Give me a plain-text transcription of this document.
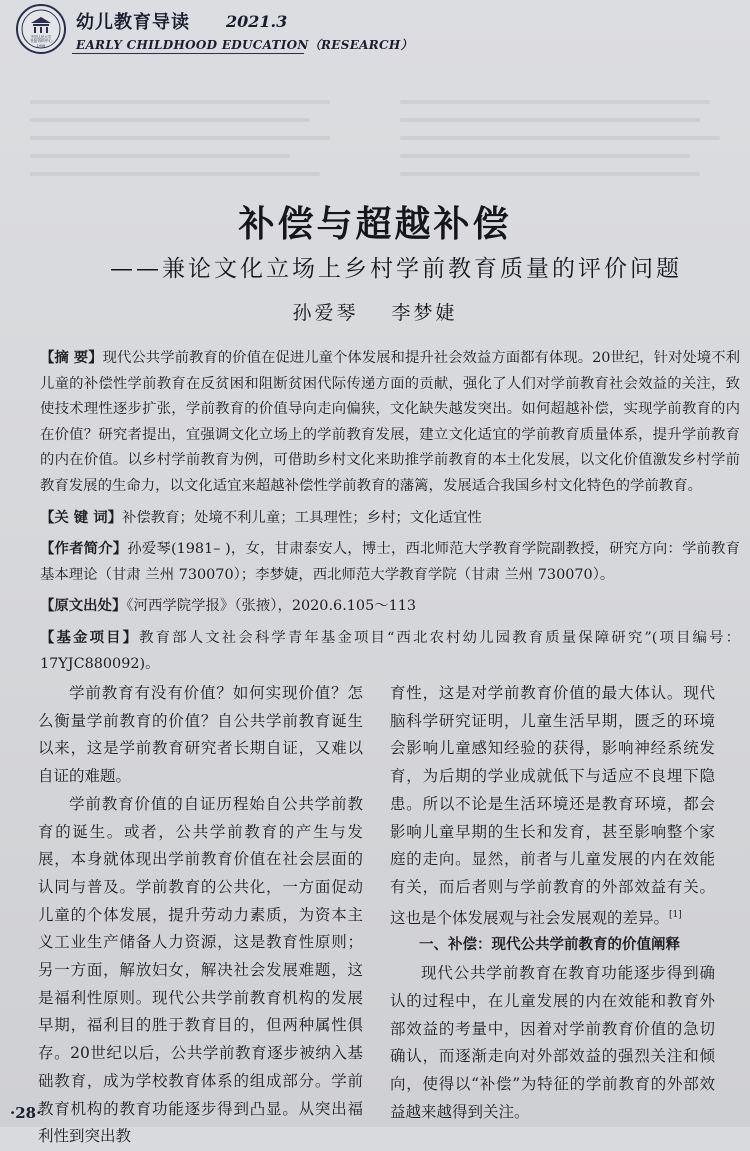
中国人民大学
书报资料中心
1958
幼儿教育导读 2021.3
EARLY CHILDHOOD EDUCATION（RESEARCH）
补偿与超越补偿
——兼论文化立场上乡村学前教育质量的评价问题
孙爱琴 李梦婕

【摘 要】现代公共学前教育的价值在促进儿童个体发展和提升社会效益方面都有体现。20世纪，针对处境不利儿童的补偿性学前教育在反贫困和阻断贫困代际传递方面的贡献，强化了人们对学前教育社会效益的关注，致使技术理性逐步扩张，学前教育的价值导向走向偏狭，文化缺失越发突出。如何超越补偿，实现学前教育的内在价值？研究者提出，宜强调文化立场上的学前教育发展，建立文化适宜的学前教育质量体系，提升学前教育的内在价值。以乡村学前教育为例，可借助乡村文化来助推学前教育的本土化发展，以文化价值激发乡村学前教育发展的生命力，以文化适宜来超越补偿性学前教育的藩篱，发展适合我国乡村文化特色的学前教育。

【关 键 词】补偿教育；处境不利儿童；工具理性；乡村；文化适宜性

【作者简介】孙爱琴(1981– )，女，甘肃泰安人，博士，西北师范大学教育学院副教授，研究方向：学前教育基本理论（甘肃 兰州 730070）；李梦婕，西北师范大学教育学院（甘肃 兰州 730070）。

【原文出处】《河西学院学报》（张掖），2020.6.105～113

【基金项目】教育部人文社会科学青年基金项目“西北农村幼儿园教育质量保障研究”(项目编号：17YJC880092)。

学前教育有没有价值？如何实现价值？怎么衡量学前教育的价值？自公共学前教育诞生以来，这是学前教育研究者长期自证，又难以自证的难题。

学前教育价值的自证历程始自公共学前教育的诞生。或者，公共学前教育的产生与发展，本身就体现出学前教育价值在社会层面的认同与普及。学前教育的公共化，一方面促动儿童的个体发展，提升劳动力素质，为资本主义工业生产储备人力资源，这是教育性原则；另一方面，解放妇女，解决社会发展难题，这是福利性原则。现代公共学前教育机构的发展早期，福利目的胜于教育目的，但两种属性俱存。20世纪以后，公共学前教育逐步被纳入基础教育，成为学校教育体系的组成部分。学前教育机构的教育功能逐步得到凸显。从突出福利性到突出教

育性，这是对学前教育价值的最大体认。现代脑科学研究证明，儿童生活早期，匮乏的环境会影响儿童感知经验的获得，影响神经系统发育，为后期的学业成就低下与适应不良埋下隐患。所以不论是生活环境还是教育环境，都会影响儿童早期的生长和发育，甚至影响整个家庭的走向。显然，前者与儿童发展的内在效能有关，而后者则与学前教育的外部效益有关。这也是个体发展观与社会发展观的差异。[1]

一、补偿：现代公共学前教育的价值阐释

现代公共学前教育在教育功能逐步得到确认的过程中，在儿童发展的内在效能和教育外部效益的考量中，因着对学前教育价值的急切确认，而逐渐走向对外部效益的强烈关注和倾向，使得以“补偿”为特征的学前教育的外部效益越来越得到关注。

·28·
